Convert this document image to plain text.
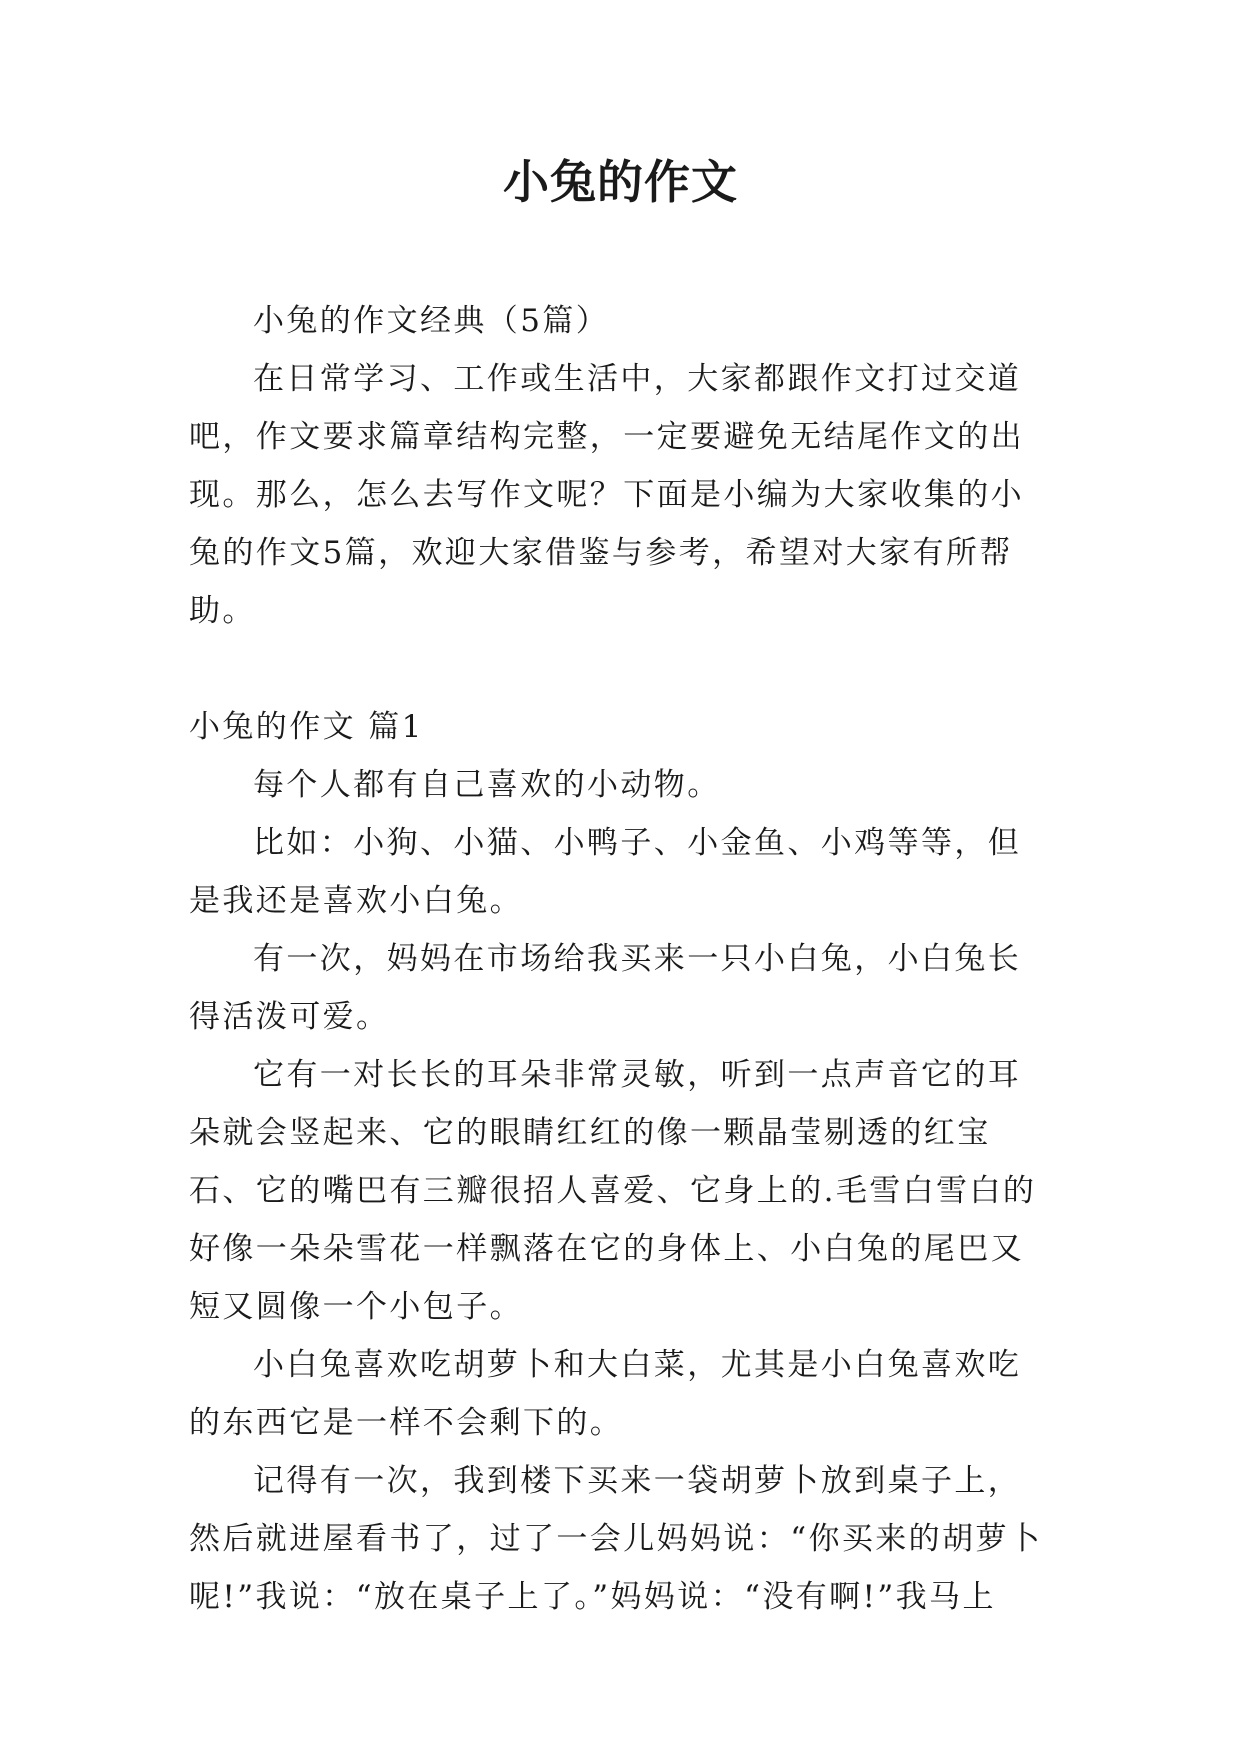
小兔的作文

小兔的作文经典（5篇）

在日常学习、工作或生活中，大家都跟作文打过交道吧，作文要求篇章结构完整，一定要避免无结尾作文的出现。那么，怎么去写作文呢？下面是小编为大家收集的小兔的作文5篇，欢迎大家借鉴与参考，希望对大家有所帮助。

小兔的作文 篇1

每个人都有自己喜欢的小动物。

比如：小狗、小猫、小鸭子、小金鱼、小鸡等等，但是我还是喜欢小白兔。

有一次，妈妈在市场给我买来一只小白兔，小白兔长得活泼可爱。

它有一对长长的耳朵非常灵敏，听到一点声音它的耳朵就会竖起来、它的眼睛红红的像一颗晶莹剔透的红宝石、它的嘴巴有三瓣很招人喜爱、它身上的.毛雪白雪白的好像一朵朵雪花一样飘落在它的身体上、小白兔的尾巴又短又圆像一个小包子。

小白兔喜欢吃胡萝卜和大白菜，尤其是小白兔喜欢吃的东西它是一样不会剩下的。

记得有一次，我到楼下买来一袋胡萝卜放到桌子上，然后就进屋看书了，过了一会儿妈妈说：“你买来的胡萝卜呢!”我说：“放在桌子上了。”妈妈说：“没有啊!”我马上
